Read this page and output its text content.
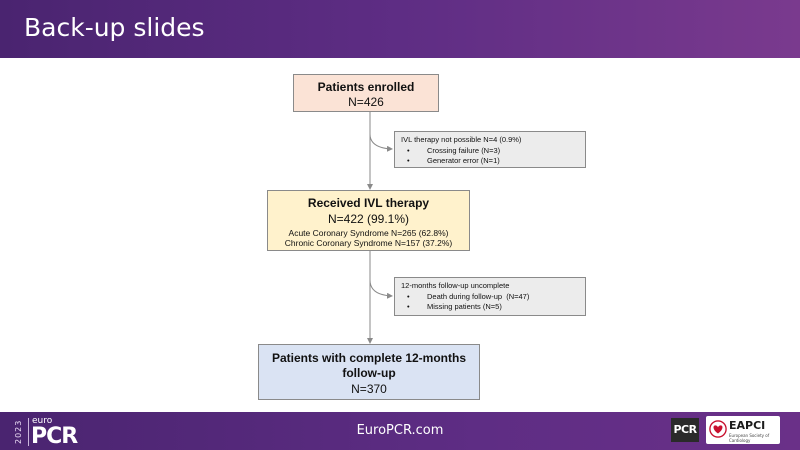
Back-up slides
Patients enrolled
N=426
IVL therapy not possible N=4 (0.9%)
• Crossing failure (N=3)
• Generator error (N=1)
Received IVL therapy
N=422 (99.1%)
Acute Coronary Syndrome N=265 (62.8%)
Chronic Coronary Syndrome N=157 (37.2%)
12-months follow-up uncomplete
• Death during follow-up  (N=47)
• Missing patients (N=5)
Patients with complete 12-months follow-up
N=370
2023	euro
PCR	EuroPCR.com	PCR	EAPCI
European Society of Cardiology
